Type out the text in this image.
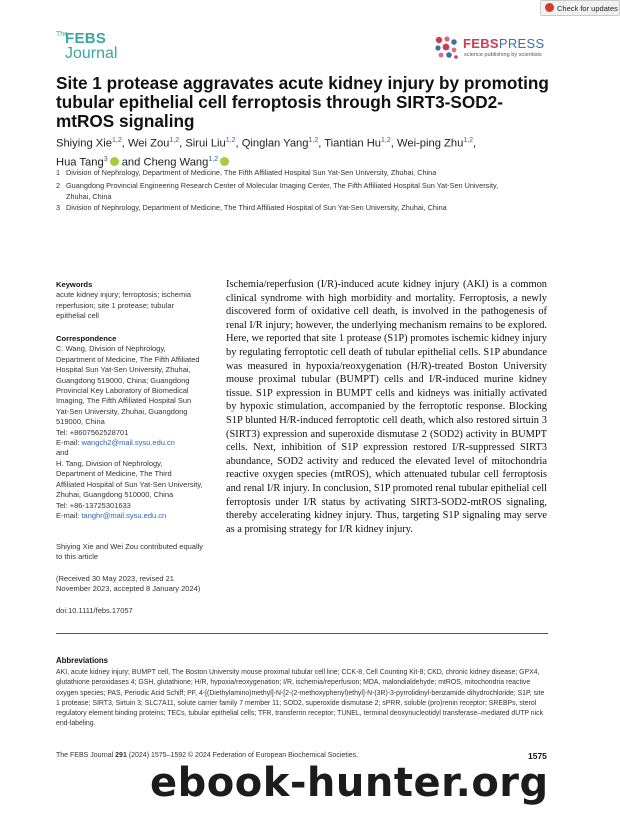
Check for updates
The
FEBS
Journal
FEBSPRESS
science publishing by scientists
Site 1 protease aggravates acute kidney injury by promoting tubular epithelial cell ferroptosis through SIRT3-SOD2-mtROS signaling
Shiying Xie$^{1,2}$, Wei Zou$^{1,2}$, Sirui Liu$^{1,2}$, Qinglan Yang$^{1,2}$, Tiantian Hu$^{1,2}$, Wei-ping Zhu$^{1,2}$,
Hua Tang$^3$ and Cheng Wang$^{1,2}$
1 Division of Nephrology, Department of Medicine, The Fifth Affiliated Hospital Sun Yat-Sen University, Zhuhai, China
2 Guangdong Provincial Engineering Research Center of Molecular Imaging Center, The Fifth Affiliated Hospital Sun Yat-Sen University,
Zhuhai, China
3 Division of Nephrology, Department of Medicine, The Third Affiliated Hospital of Sun Yat-Sen University, Zhuhai, China
Keywords
acute kidney injury; ferroptosis; ischemia
reperfusion; site 1 protease; tubular
epithelial cell
Correspondence
C. Wang, Division of Nephrology,
Department of Medicine, The Fifth Affiliated
Hospital Sun Yat-Sen University, Zhuhai,
Guangdong 519000, China; Guangdong
Provincial Key Laboratory of Biomedical
Imaging, The Fifth Affiliated Hospital Sun
Yat-Sen University, Zhuhai, Guangdong
519000, China
Tel: +8607562528701
E-mail: wangch2@mail.sysu.edu.cn
and
H. Tang, Division of Nephrology,
Department of Medicine, The Third
Affiliated Hospital of Sun Yat-Sen University,
Zhuhai, Guangdong 510000, China
Tel: +86-13725301633
E-mail: tanghr@mail.sysu.edu.cn
Shiying Xie and Wei Zou contributed equally
to this article
(Received 30 May 2023, revised 21
November 2023, accepted 8 January 2024)
doi:10.1111/febs.17057
Ischemia/reperfusion (I/R)-induced acute kidney injury (AKI) is a common clinical syndrome with high morbidity and mortality. Ferroptosis, a newly discovered form of oxidative cell death, is involved in the pathogenesis of renal I/R injury; however, the underlying mechanism remains to be explored. Here, we reported that site 1 protease (S1P) promotes ischemic kidney injury by regulating ferroptotic cell death of tubular epithelial cells. S1P abundance was measured in hypoxia/reoxygenation (H/R)-treated Boston University mouse proximal tubular (BUMPT) cells and I/R-induced murine kidney tissue. S1P expression in BUMPT cells and kidneys was initially activated by hypoxic stimulation, accompanied by the ferroptotic response. Blocking S1P blunted H/R-induced ferroptotic cell death, which also restored sirtuin 3 (SIRT3) expression and superoxide dismutase 2 (SOD2) activity in BUMPT cells. Next, inhibition of S1P expression restored I/R-suppressed SIRT3 abundance, SOD2 activity and reduced the elevated level of mitochondria reactive oxygen species (mtROS), which attenuated tubular cell ferroptosis and renal I/R injury. In conclusion, S1P promoted renal tubular epithelial cell ferroptosis under I/R status by activating SIRT3-SOD2-mtROS signaling, thereby accelerating kidney injury. Thus, targeting S1P signaling may serve as a promising strategy for I/R kidney injury.
Abbreviations
AKI, acute kidney injury; BUMPT cell, The Boston University mouse proximal tubular cell line; CCK-8, Cell Counting Kit-8; CKD, chronic kidney disease; GPX4, glutathione peroxidases 4; GSH, glutathione; H/R, hypoxia/reoxygenation; I/R, ischemia/reperfusion; MDA, malondialdehyde; mtROS, mitochondria reactive oxygen species; PAS, Periodic Acid Schiff; PF, 4-[(Diethylamino)methyl]-N-[2-(2-methoxyphenyl)ethyl]-N-(3R)-3-pyrrolidinyl-benzamide dihydrochloride; S1P, site 1 protease; SIRT3, Sirtuin 3; SLC7A11, solute carrier family 7 member 11; SOD2, superoxide dismutase 2; sPRR, soluble (pro)renin receptor; SREBPs, sterol regulatory element binding proteins; TECs, tubular epithelial cells; TFR, transferrin receptor; TUNEL, terminal deoxynucleotidyl transferase–mediated dUTP nick end-labeling.
The FEBS Journal 291 (2024) 1575–1592 © 2024 Federation of European Biochemical Societies.	1575
ebook-hunter.org
